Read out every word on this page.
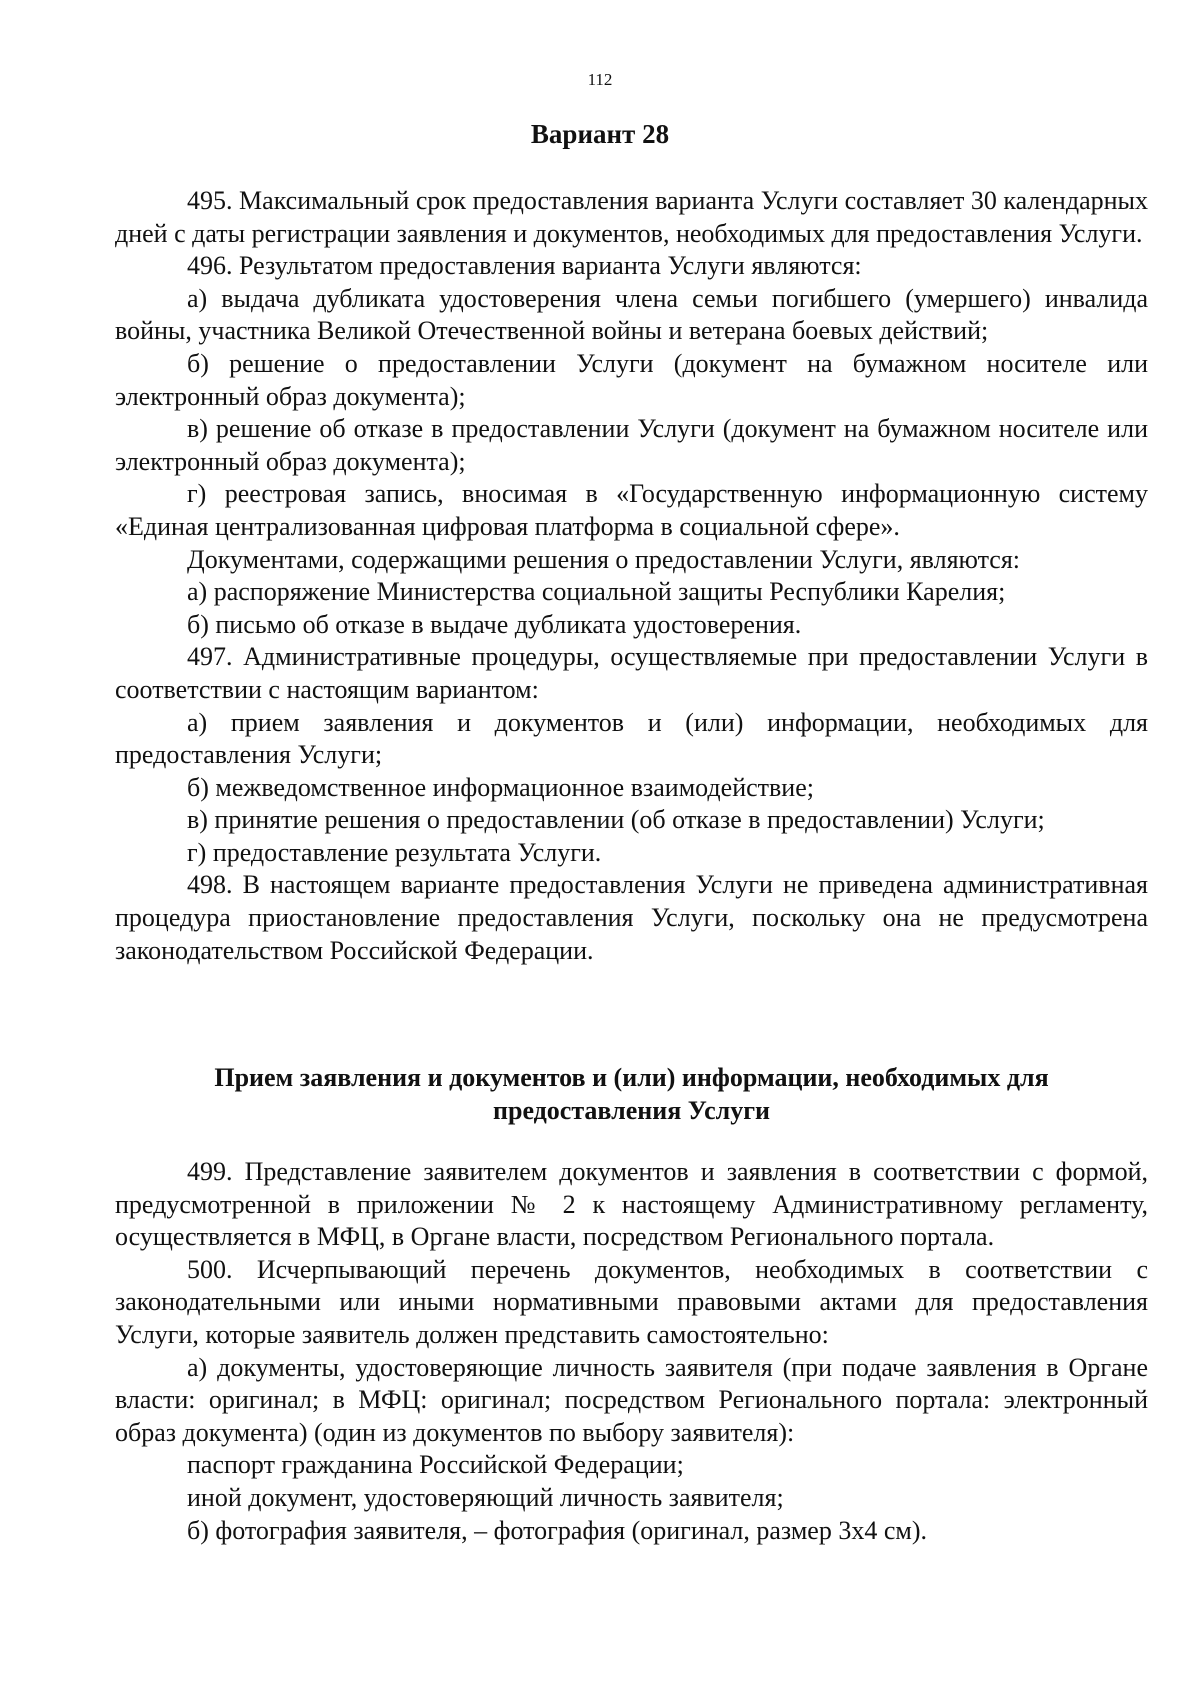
112
Вариант 28

495. Максимальный срок предоставления варианта Услуги составляет 30 календарных дней с даты регистрации заявления и документов, необходимых для предоставления Услуги.

496. Результатом предоставления варианта Услуги являются:

а) выдача дубликата удостоверения члена семьи погибшего (умершего) инвалида войны, участника Великой Отечественной войны и ветерана боевых действий;

б) решение о предоставлении Услуги (документ на бумажном носителе или электронный образ документа);

в) решение об отказе в предоставлении Услуги (документ на бумажном носителе или электронный образ документа);

г) реестровая запись, вносимая в «Государственную информационную систему «Единая централизованная цифровая платформа в социальной сфере».

Документами, содержащими решения о предоставлении Услуги, являются:

а) распоряжение Министерства социальной защиты Республики Карелия;

б) письмо об отказе в выдаче дубликата удостоверения.

497. Административные процедуры, осуществляемые при предоставлении Услуги в соответствии с настоящим вариантом:

а) прием заявления и документов и (или) информации, необходимых для предоставления Услуги;

б) межведомственное информационное взаимодействие;

в) принятие решения о предоставлении (об отказе в предоставлении) Услуги;

г) предоставление результата Услуги.

498. В настоящем варианте предоставления Услуги не приведена административная процедура приостановление предоставления Услуги, поскольку она не предусмотрена законодательством Российской Федерации.

Прием заявления и документов и (или) информации, необходимых для
предоставления Услуги

499. Представление заявителем документов и заявления в соответствии с формой, предусмотренной в приложении № 2 к настоящему Административному регламенту, осуществляется в МФЦ, в Органе власти, посредством Регионального портала.

500. Исчерпывающий перечень документов, необходимых в соответствии с законодательными или иными нормативными правовыми актами для предоставления Услуги, которые заявитель должен представить самостоятельно:

а) документы, удостоверяющие личность заявителя (при подаче заявления в Органе власти: оригинал; в МФЦ: оригинал; посредством Регионального портала: электронный образ документа) (один из документов по выбору заявителя):

паспорт гражданина Российской Федерации;

иной документ, удостоверяющий личность заявителя;

б) фотография заявителя, – фотография (оригинал, размер 3х4 см).
